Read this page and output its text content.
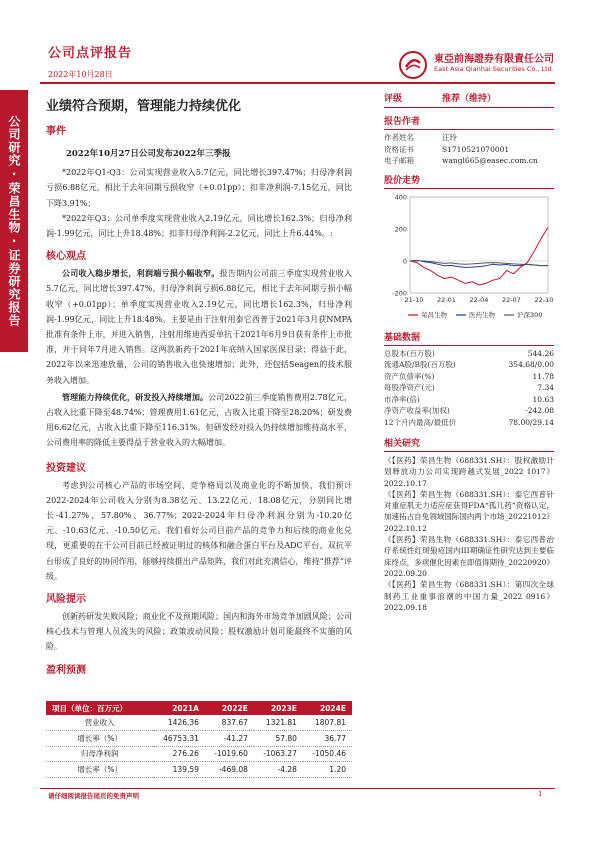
公司点评报告
2022年10月28日
東亞前海證券有限責任公司
East Asia Qianhai Securities Co., Ltd.
公司研究·
荣昌生物·
证券研究报告
业绩符合预期，管理能力持续优化
事件
2022年10月27日公司发布2022年三季报
*2022年Q1-Q3：公司实现营业收入5.7亿元，同比增长397.47%；归母净利润亏损6.88亿元，相比于去年同期亏损收窄（+0.01pp）；扣非净利润-7.15亿元，同比下降3.91%；
*2022年Q3：公司单季度实现营业收入2.19亿元，同比增长162.3%；归母净利润-1.99亿元，同比上升18.48%；扣非归母净利润-2.2亿元，同比上升6.44%。:
核心观点
公司收入稳步增长，利润端亏损小幅收窄。报告期内公司前三季度实现营业收入5.7亿元，同比增长397.47%，归母净利润亏损6.88亿元，相比于去年同期亏损小幅收窄（+0.01pp）；单季度实现营业收入2.19亿元，同比增长162.3%，归母净利润-1.99亿元，同比上升18.48%。主要是由于注射用泰它西普于2021年3月获NMPA批准有条件上市，并进入销售，注射用维迪西妥单抗于2021年6月9日获有条件上市批准，并于同年7月进入销售。这两款新药于2021年底纳入国家医保目录；得益于此，2022年以来迅速放量，公司的销售收入也快速增加；此外，还包括Seagen的技术服务收入增加。
管理能力持续优化，研发投入持续增加。公司2022前三季度销售费用2.78亿元，占收入比重下降至48.74%；管理费用1.61亿元，占收入比重下降至28.20%；研发费用6.62亿元，占收入比重下降至116.31%。但研发经对投入仍持续增加维持高水平，公司费用率的降低主要得益于营业收入的大幅增加。
投资建议
考虑到公司核心产品的市场空间、竞争格局以及商业化的不断加快，我们预计2022-2024年公司收入分别为8.38亿元、13.22亿元、18.08亿元，分别同比增长-41.27%、57.80%、36.77%；2022-2024年归母净利润分别为-10.20亿元、-10.63亿元、-10.50亿元。我们看好公司目前产品的竞争力和后续的商业化兑现，更重要的在于公司目前已经被证明过的核体和融合蛋白平台及ADC平台、双抗平台形成了良好的协同作用，能够持续推出产品矩阵，我们对此充满信心，维持“推荐”评级。
风险提示
创新药研发失败风险；商业化不及预期风险；国内和海外市场竞争加剧风险；公司核心技术与管理人员流失的风险；政策波动风险；股权激励计划可能最终不实施的风险。
盈利预测
项目（单位：百万元）	2021A	2022E	2023E	2024E
营业收入	1426.36	837.67	1321.81	1807.81
增长率（%）	46753.31	-41.27	57.80	36.77
归母净利润	276.26	-1019.60	-1063.27	-1050.46
增长率（%）	139.59	-469.08	-4.28	1.20
评级	推荐（维持）
报告作者
作者姓名	汪玲
资格证书	S1710521070001
电子邮箱	wangl665@easec.com.cn
股价走势
400
200
0
-200
21-10 22-01 22-04 22-07 22-10
荣昌生物	医药生物	沪深300
基础数据
总股本(百万股)	544.26
流通A股/B股(百万股)	354.68/0.00
资产负债率(%)	11.78
每股净资产(元)	7.34
市净率(倍)	10.63
净资产收益率(加权)	-242.08
12个月内最高/最低价	78.00/29.14
相关研究
《【医药】荣昌生物（688331.SH）：股权激励计划释放动力公司实现跨越式发展_2022 1017》2022.10.17
《【医药】荣昌生物（688331.SH）：泰它西普针对重症肌无力适应症获得FDA“孤儿药”资格认定，加速拓占自免领域国际国内两个市场_20221012》2022.10.12
《【医药】荣昌生物（688331.SH）：泰它西普治疗系统性红斑狼疮国内III期确证性研究达到主要临床终点，多项催化因素在即值得期待_20220920》2022.09.20
《【医药】荣昌生物（688331.SH）：第四次全球制药工业重事浪潮的中国力量_2022 0916》2022.09.18
请仔细阅读报告尾页的免责声明	1
